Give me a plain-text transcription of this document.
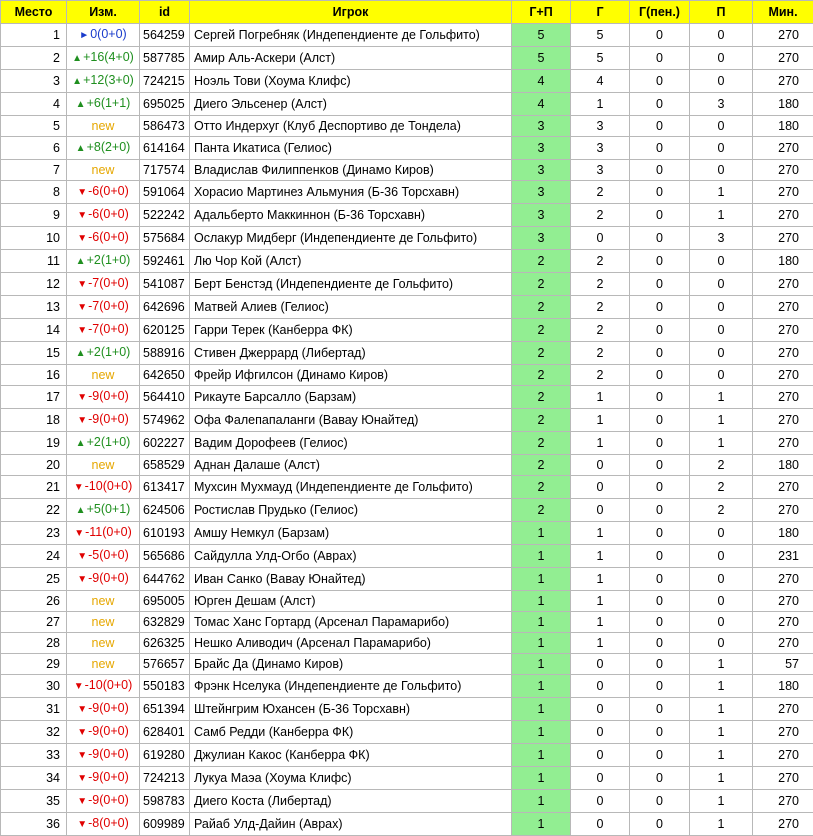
Место	Изм.	id	Игрок	Г+П	Г	Г(пен.)	П	Мин.
1	►0(0+0)	564259	Сергей Погребняк (Индепендиенте де Гольфито)	5	5	0	0	270
2	▲+16(4+0)	587785	Амир Аль-Аскери (Алст)	5	5	0	0	270
3	▲+12(3+0)	724215	Ноэль Тови (Хоума Клифс)	4	4	0	0	270
4	▲+6(1+1)	695025	Диего Эльсенер (Алст)	4	1	0	3	180
5	new	586473	Отто Индерхуг (Клуб Деспортиво де Тондела)	3	3	0	0	180
6	▲+8(2+0)	614164	Панта Икатиса (Гелиос)	3	3	0	0	270
7	new	717574	Владислав Филиппенков (Динамо Киров)	3	3	0	0	270
8	▼-6(0+0)	591064	Хорасио Мартинез Альмуния (Б-36 Торсхавн)	3	2	0	1	270
9	▼-6(0+0)	522242	Адальберто Маккиннон (Б-36 Торсхавн)	3	2	0	1	270
10	▼-6(0+0)	575684	Ослакур Мидберг (Индепендиенте де Гольфито)	3	0	0	3	270
11	▲+2(1+0)	592461	Лю Чор Кой (Алст)	2	2	0	0	180
12	▼-7(0+0)	541087	Берт Бенстэд (Индепендиенте де Гольфито)	2	2	0	0	270
13	▼-7(0+0)	642696	Матвей Алиев (Гелиос)	2	2	0	0	270
14	▼-7(0+0)	620125	Гарри Терек (Канберра ФК)	2	2	0	0	270
15	▲+2(1+0)	588916	Стивен Джеррард (Либертад)	2	2	0	0	270
16	new	642650	Фрейр Ифгилсон (Динамо Киров)	2	2	0	0	270
17	▼-9(0+0)	564410	Рикауте Барсалло (Барзам)	2	1	0	1	270
18	▼-9(0+0)	574962	Офа Фалепапаланги (Вавау Юнайтед)	2	1	0	1	270
19	▲+2(1+0)	602227	Вадим Дорофеев (Гелиос)	2	1	0	1	270
20	new	658529	Аднан Далаше (Алст)	2	0	0	2	180
21	▼-10(0+0)	613417	Мухсин Мухмауд (Индепендиенте де Гольфито)	2	0	0	2	270
22	▲+5(0+1)	624506	Ростислав Прудько (Гелиос)	2	0	0	2	270
23	▼-11(0+0)	610193	Амшу Немкул (Барзам)	1	1	0	0	180
24	▼-5(0+0)	565686	Сайдулла Улд-Огбо (Аврах)	1	1	0	0	231
25	▼-9(0+0)	644762	Иван Санко (Вавау Юнайтед)	1	1	0	0	270
26	new	695005	Юрген Дешам (Алст)	1	1	0	0	270
27	new	632829	Томас Ханс Гортард (Арсенал Парамарибо)	1	1	0	0	270
28	new	626325	Нешко Аливодич (Арсенал Парамарибо)	1	1	0	0	270
29	new	576657	Брайс Да (Динамо Киров)	1	0	0	1	57
30	▼-10(0+0)	550183	Фрэнк Нселука (Индепендиенте де Гольфито)	1	0	0	1	180
31	▼-9(0+0)	651394	Штейнгрим Юхансен (Б-36 Торсхавн)	1	0	0	1	270
32	▼-9(0+0)	628401	Самб Редди (Канберра ФК)	1	0	0	1	270
33	▼-9(0+0)	619280	Джулиан Какос (Канберра ФК)	1	0	0	1	270
34	▼-9(0+0)	724213	Лукуа Маэа (Хоума Клифс)	1	0	0	1	270
35	▼-9(0+0)	598783	Диего Коста (Либертад)	1	0	0	1	270
36	▼-8(0+0)	609989	Райаб Улд-Дайин (Аврах)	1	0	0	1	270
